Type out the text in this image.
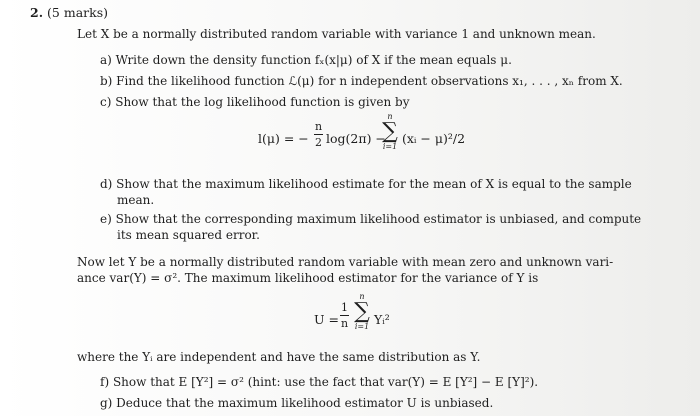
2. (5 marks)
Let X be a normally distributed random variable with variance 1 and unknown mean.
a) Write down the density function fₓ(x|μ) of X if the mean equals μ.
b) Find the likelihood function ℒ(μ) for n independent observations x₁, . . . , xₙ from X.
c) Show that the log likelihood function is given by
l(μ) = −
n
2 log(2π) −
n
∑
i=1
(xᵢ − μ)²/2
d) Show that the maximum likelihood estimate for the mean of X is equal to the sample
mean.
e) Show that the corresponding maximum likelihood estimator is unbiased, and compute
its mean squared error.
Now let Y be a normally distributed random variable with mean zero and unknown vari-
ance var(Y) = σ². The maximum likelihood estimator for the variance of Y is
U =
1
n
n
∑
i=1 Yᵢ²
where the Yᵢ are independent and have the same distribution as Y.
f) Show that E [Y²] = σ² (hint: use the fact that var(Y) = E [Y²] − E [Y]²).
g) Deduce that the maximum likelihood estimator U is unbiased.
